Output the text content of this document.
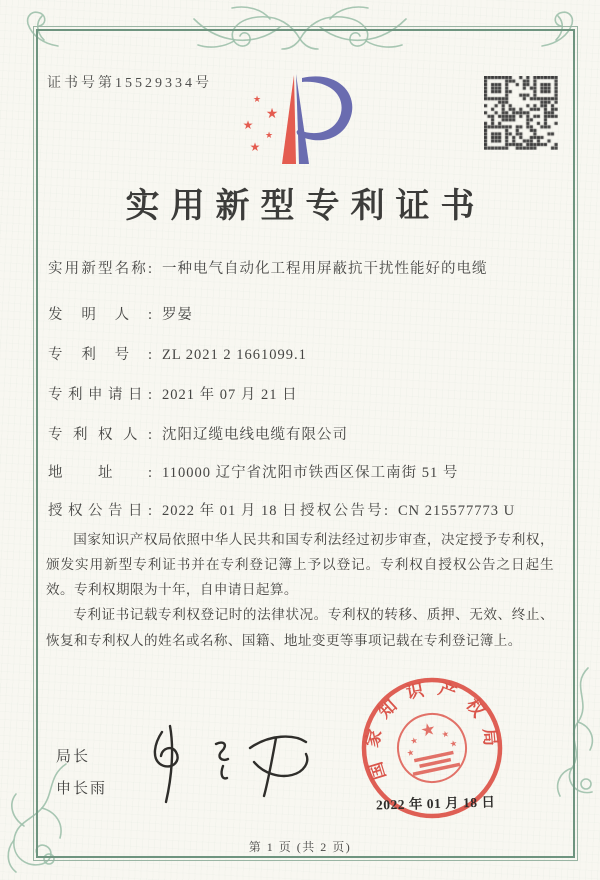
证书号第15529334号
★
★
★
★
★
实用新型专利证书
实用新型名称: 一种电气自动化工程用屏蔽抗干扰性能好的电缆
发明人: 罗晏
专利号: ZL 2021 2 1661099.1
专利申请日: 2021 年 07 月 21 日
专利权人: 沈阳辽缆电线电缆有限公司
地址: 110000 辽宁省沈阳市铁西区保工南街 51 号
授权公告日: 2022 年 01 月 18 日 授权公告号: CN 215577773 U

国家知识产权局依照中华人民共和国专利法经过初步审查，决定授予专利权，颁发实用新型专利证书并在专利登记簿上予以登记。专利权自授权公告之日起生效。专利权期限为十年，自申请日起算。

专利证书记载专利权登记时的法律状况。专利权的转移、质押、无效、终止、恢复和专利权人的姓名或名称、国籍、地址变更等事项记载在专利登记簿上。

局长
申长雨
国家知识产权局
★
★
★
★
★
2022 年 01 月 18 日
第 1 页 (共 2 页)
